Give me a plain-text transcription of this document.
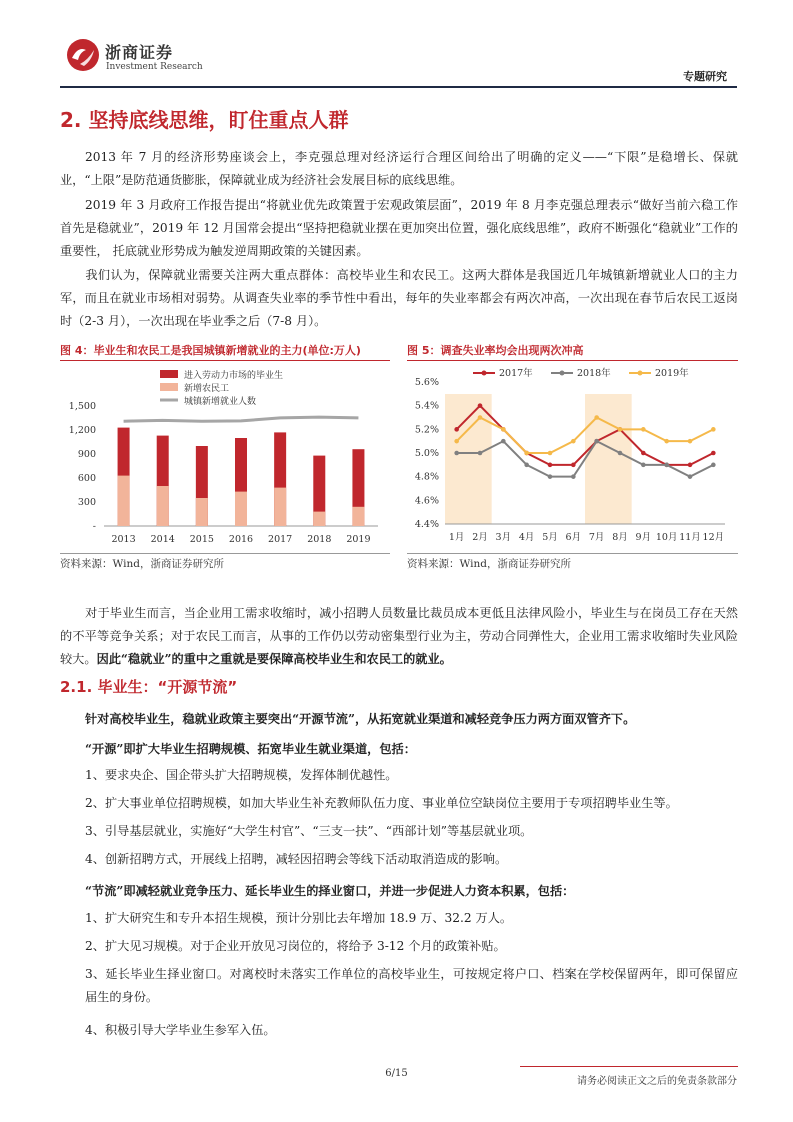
浙商证券
Investment Research
专题研究
2. 坚持底线思维，盯住重点人群
2013 年 7 月的经济形势座谈会上，李克强总理对经济运行合理区间给出了明确的定义——“下限”是稳增长、保就业，“上限”是防范通货膨胀，保障就业成为经济社会发展目标的底线思维。
2019 年 3 月政府工作报告提出“将就业优先政策置于宏观政策层面”，2019 年 8 月李克强总理表示“做好当前六稳工作首先是稳就业”，2019 年 12 月国常会提出“坚持把稳就业摆在更加突出位置，强化底线思维”，政府不断强化“稳就业”工作的重要性， 托底就业形势成为触发逆周期政策的关键因素。
我们认为，保障就业需要关注两大重点群体：高校毕业生和农民工。这两大群体是我国近几年城镇新增就业人口的主力军，而且在就业市场相对弱势。从调查失业率的季节性中看出，每年的失业率都会有两次冲高，一次出现在春节后农民工返岗时（2-3 月），一次出现在毕业季之后（7-8 月）。
图 4：毕业生和农民工是我国城镇新增就业的主力(单位:万人)	图 5：调查失业率均会出现两次冲高
进入劳动力市场的毕业生
新增农民工
城镇新增就业人数
-
300
600
900
1,200
1,500
2013 2014 2015 2016 2017 2018 2019
4.4%
4.6%
4.8%
5.0%
5.2%
5.4%
5.6%
1月 2月 3月 4月 5月 6月 7月 8月 9月 10月 11月 12月
2017年	2018年	2019年
资料来源：Wind，浙商证券研究所	资料来源：Wind，浙商证券研究所
对于毕业生而言，当企业用工需求收缩时，减小招聘人员数量比裁员成本更低且法律风险小，毕业生与在岗员工存在天然的不平等竞争关系；对于农民工而言，从事的工作仍以劳动密集型行业为主，劳动合同弹性大，企业用工需求收缩时失业风险较大。因此“稳就业”的重中之重就是要保障高校毕业生和农民工的就业。
2.1. 毕业生：“开源节流”
针对高校毕业生，稳就业政策主要突出“开源节流”，从拓宽就业渠道和减轻竞争压力两方面双管齐下。
“开源”即扩大毕业生招聘规模、拓宽毕业生就业渠道，包括：
1、要求央企、国企带头扩大招聘规模，发挥体制优越性。
2、扩大事业单位招聘规模，如加大毕业生补充教师队伍力度、事业单位空缺岗位主要用于专项招聘毕业生等。
3、引导基层就业，实施好“大学生村官”、“三支一扶”、“西部计划”等基层就业项。
4、创新招聘方式，开展线上招聘，减轻因招聘会等线下活动取消造成的影响。
“节流”即减轻就业竞争压力、延长毕业生的择业窗口，并进一步促进人力资本积累，包括：
1、扩大研究生和专升本招生规模，预计分别比去年增加 18.9 万、32.2 万人。
2、扩大见习规模。对于企业开放见习岗位的，将给予 3-12 个月的政策补贴。
3、延长毕业生择业窗口。对离校时未落实工作单位的高校毕业生，可按规定将户口、档案在学校保留两年，即可保留应届生的身份。
4、积极引导大学毕业生参军入伍。
6/15
请务必阅读正文之后的免责条款部分
